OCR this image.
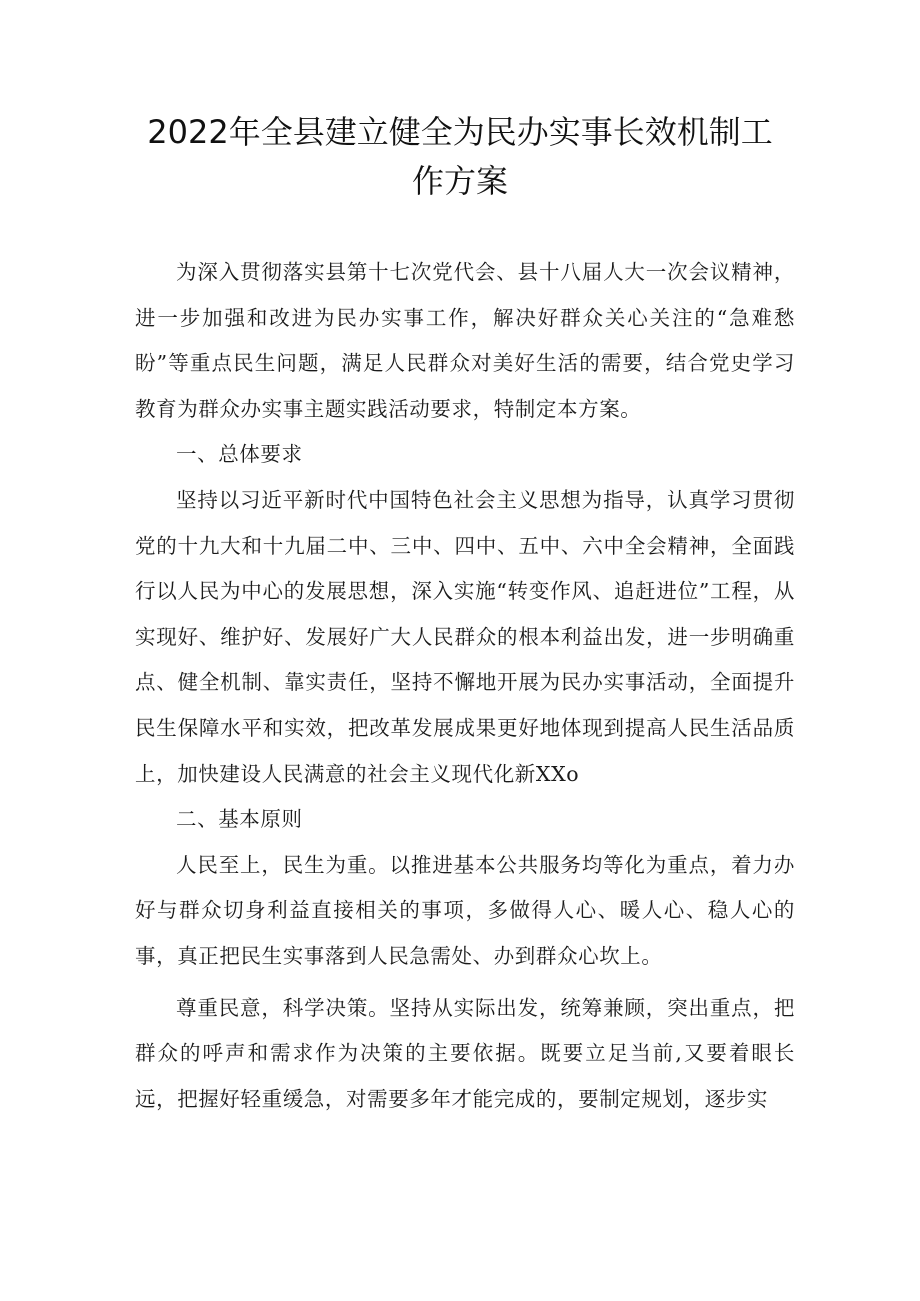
2022年全县建立健全为民办实事长效机制工
作方案

为深入贯彻落实县第十七次党代会、县十八届人大一次会议精神，进一步加强和改进为民办实事工作，解决好群众关心关注的“急难愁盼”等重点民生问题，满足人民群众对美好生活的需要，结合党史学习教育为群众办实事主题实践活动要求，特制定本方案。

一、总体要求

坚持以习近平新时代中国特色社会主义思想为指导，认真学习贯彻党的十九大和十九届二中、三中、四中、五中、六中全会精神，全面践行以人民为中心的发展思想，深入实施“转变作风、追赶进位”工程，从实现好、维护好、发展好广大人民群众的根本利益出发，进一步明确重点、健全机制、靠实责任，坚持不懈地开展为民办实事活动，全面提升民生保障水平和实效，把改革发展成果更好地体现到提高人民生活品质上，加快建设人民满意的社会主义现代化新XXo

二、基本原则

人民至上，民生为重。以推进基本公共服务均等化为重点，着力办好与群众切身利益直接相关的事项，多做得人心、暖人心、稳人心的事，真正把民生实事落到人民急需处、办到群众心坎上。

尊重民意，科学决策。坚持从实际出发，统筹兼顾，突出重点，把群众的呼声和需求作为决策的主要依据。既要立足当前,又要着眼长远，把握好轻重缓急，对需要多年才能完成的，要制定规划，逐步实
